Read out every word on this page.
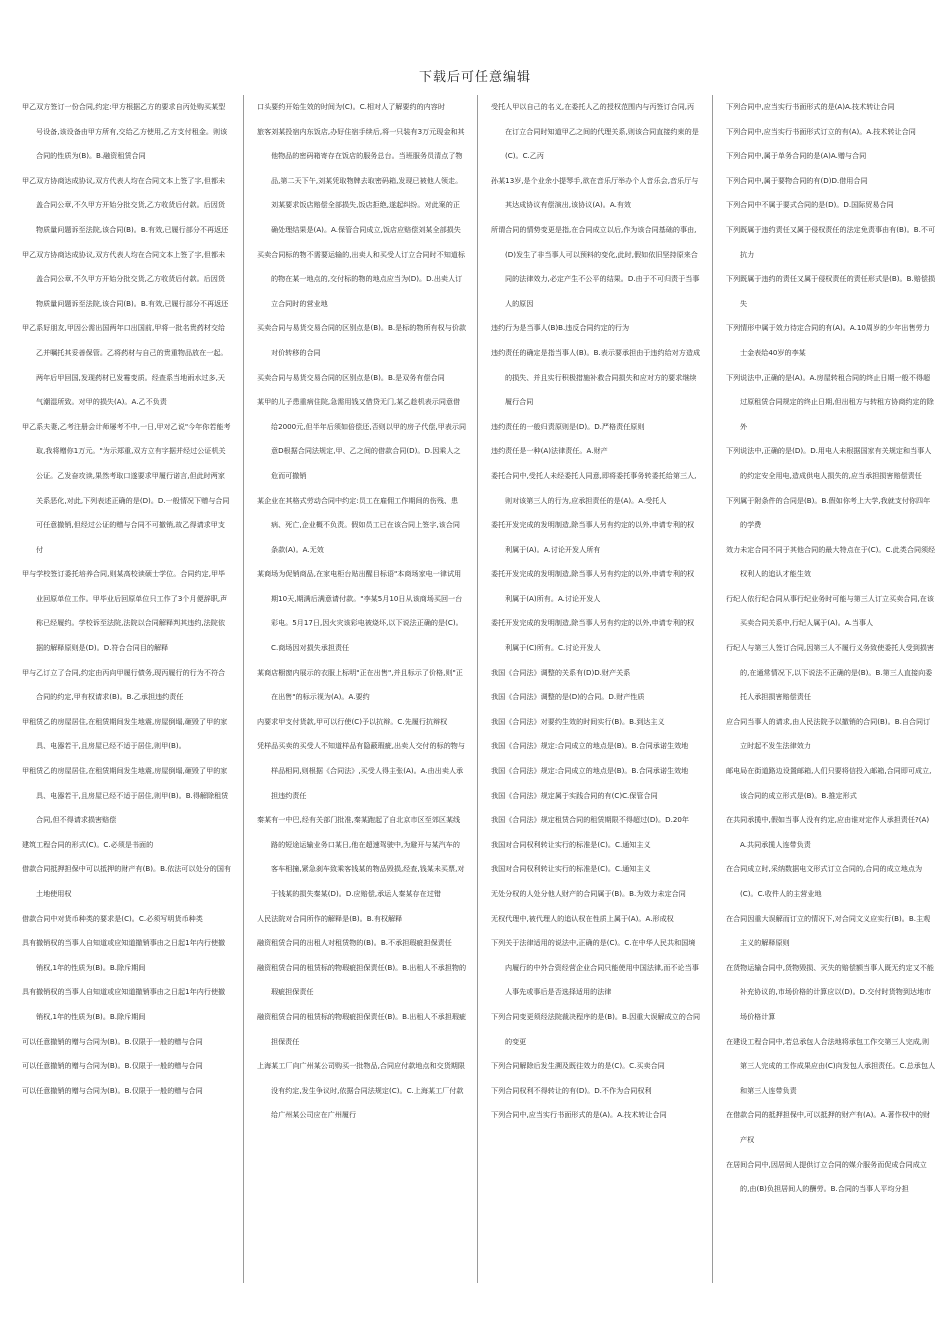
下载后可任意编辑

甲乙双方签订一份合同,约定:甲方根据乙方的要求自丙处购买某型号设备,该设备由甲方所有,交给乙方使用,乙方支付租金。则该合同的性质为(B)。B.融资租赁合同

甲乙双方协商达成协议,双方代表人均在合同文本上签了字,但都未盖合同公章,不久甲方开始分批交货,乙方收货后付款。后因货物质量问题诉至法院,该合同(B)。B.有效,已履行部分不再返还

甲乙双方协商达成协议,双方代表人均在合同文本上签了字,但都未盖合同公章,不久甲方开始分批交货,乙方收货后付款。后因货物质量问题诉至法院,该合同(B)。B.有效,已履行部分不再返还

甲乙系好朋友,甲因公需出国两年口出国前,甲将一批名贵药材交给乙并嘱托其妥善保管。乙将药材与自己的贵重物品放在一起。两年后甲回国,发现药材已发霉变质。经查系当地雨水过多,天气潮湿所致。对甲的损失(A)。A.乙不负责

甲乙系夫妻,乙考注册会计师屡考不中,一日,甲对乙说"今年你若能考取,我将赠你1万元。"为示郑重,双方立有字据并经过公证机关公证。乙发奋攻读,果然考取口遂要求甲履行诺言,但此时两家关系恶化,对此,下列表述正确的是(D)。D.一般情况下赠与合同可任意撤销,但经过公证的赠与合同不可撤销,故乙得请求甲支付

甲与学校签订委托培养合同,则某高校读硕士学位。合同约定,甲毕业回原单位工作。甲毕业后回原单位只工作了3个月便辞职,声称已经履约。学校诉至法院,法院以合同解释判其违约,法院依据的解释原则是(D)。D.符合合同目的解释

甲与乙订立了合同,约定由丙向甲履行债务,现丙履行的行为不符合合同的约定,甲有权请求(B)。B.乙承担违约责任

甲租赁乙的房屋居住,在租赁期间发生地震,房屋倒塌,砸毁了甲的家具、电器若干,且房屋已经不适于居住,则甲(B)。

甲租赁乙的房屋居住,在租赁期间发生地震,房屋倒塌,砸毁了甲的家具、电器若干,且房屋已经不适于居住,则甲(B)。B.得解除租赁合同,但不得请求损害赔偿

建筑工程合同的形式(C)。C.必须是书面的

借款合同抵押担保中可以抵押的财产有(B)。B.依法可以处分的国有土地使用权

借款合同中对货币种类的要求是(C)。C.必须写明货币种类

具有撤销权的当事人自知道或应知道撤销事由之日起1年内行使撤销权,1年的性质为(B)。B.除斥期间

具有撤销权的当事人自知道或应知道撤销事由之日起1年内行使撤销权,1年的性质为(B)。B.除斥期间

可以任意撤销的赠与合同为(B)。B.仅限于一般的赠与合同

可以任意撤销的赠与合同为(B)。B.仅限于一般的赠与合同

可以任意撤销的赠与合同为(B)。B.仅限于一般的赠与合同

口头要约开始生效的时间为(C)。C.相对人了解要约的内容时

旅客刘某投宿内东饭店,办好住宿手续后,将一只装有3万元现金和其他物品的密码箱寄存在饭店的服务总台。当班服务员清点了物品,第二天下午,刘某凭取物牌去取密码箱,发现已被他人领走。刘某要求饭店赔偿全部损失,饭店拒绝,遂起纠纷。对此案的正确处理结果是(A)。A.保管合同成立,饭店应赔偿刘某全部损失

买卖合同标的物不需要运输的,出卖人和买受人订立合同时不知道标的物在某一地点的,交付标的物的地点应当为(D)。D.出卖人订立合同时的营业地

买卖合同与易货交易合同的区别点是(B)。B.是标的物所有权与价款对价转移的合同

买卖合同与易货交易合同的区别点是(B)。B.是双务有偿合同

某甲的儿子患重病住院,急需用钱又借贷无门,某乙趁机表示同意借给2000元,但半年后须如倍偿还,否则以甲的房子代偿,甲表示同意D根据合同法规定,甲、乙之间的借款合同(D)。D.因乘人之危而可撤销

某企业在其格式劳动合同中约定:员工在雇佣工作期间的伤残、患病、死亡,企业概不负责。假如员工已在该合同上签字,该合同条款(A)。A.无效

某商场为促销商品,在家电柜台贴出醒目标语"本商场家电一律试用期10天,期满后满意请付款。"李某5月10日从该商场买回一台彩电。5月17日,因火灾该彩电被烧坏,以下说法正确的是(C)。C.商场因对损失承担责任

某商店橱窗内展示的衣服上标明"正在出售",并且标示了价格,则"正在出售"的标示视为(A)。A.要约

内要求甲支付货款,甲可以行使(C)予以抗辩。C.先履行抗辩权

凭样品买卖的买受人不知道样品有隐蔽瑕疵,出卖人交付的标的物与样品相同,则根据《合同法》,买受人得主张(A)。A.由出卖人承担违约责任

秦某有一中巴,经有关部门批准,秦某跑起了自北京市区至郊区某线路的短途运输业务口某日,他在超速驾驶中,为避开与某汽车的客车相撞,紧急刹车致乘客钱某的物品毁损,经查,钱某未买票,对于钱某的损失秦某(D)。D.应赔偿,承运人秦某存在过错

人民法院对合同所作的解释是(B)。B.有权解释

融资租赁合同的出租人对租赁物的(B)。B.不承担瑕疵担保责任

融资租赁合同的租赁标的物瑕疵担保责任(B)。B.出租人不承担物的瑕疵担保责任

融资租赁合同的租赁标的物瑕疵担保责任(B)。B.出租人不承担瑕疵担保责任

上海某工厂向广州某公司购买一批物品,合同应付款地点和交货期限没有约定,发生争议时,依据合同法规定(C)。C.上海某工厂付款给广州某公司应在广州履行

受托人甲以自己的名义,在委托人乙的授权范围内与丙签订合同,丙在订立合同时知道甲乙之间的代理关系,则该合同直接约束的是(C)。C.乙丙

孙某13岁,是个业余小提琴手,欲在音乐厅举办个人音乐会,音乐厅与其达成协议有偿演出,该协议(A)。A.有效

所谓合同的情势变更是指,在合同成立以后,作为该合同基础的事由,(D)发生了非当事人可以预料的变化,此时,假如依旧坚持原来合同的法律效力,必定产生不公平的结果。D.由于不可归责于当事人的原因

违约行为是当事人(B)B.违反合同约定的行为

违约责任的确定是指当事人(B)。B.表示要承担由于违约给对方造成的损失、并且实行积极措施补救合同损失和应对方的要求继续履行合同

违约责任的一般归责原则是(D)。D.严格责任原则

违约责任是一种(A)法律责任。A.财产

委托合同中,受托人未经委托人同意,即将委托事务转委托给第三人,则对该第三人的行为,应承担责任的是(A)。A.受托人

委托开发完成的发明制造,除当事人另有约定的以外,申请专利的权利属于(A)。A.讨论开发人所有

委托开发完成的发明制造,除当事人另有约定的以外,申请专利的权利属于(A)所有。A.讨论开发人

委托开发完成的发明制造,除当事人另有约定的以外,申请专利的权利属于(C)所有。C.讨论开发人

我国《合同法》调整的关系有(D)D.财产关系

我国《合同法》调整的是(D)的合同。D.财产性质

我国《合同法》对要约生效的时间实行(B)。B.到达主义

我国《合同法》规定:合同成立的地点是(B)。B.合同承诺生效地

我国《合同法》规定:合同成立的地点是(B)。B.合同承诺生效地

我国《合同法》规定属于实践合同的有(C)C.保管合同

我国《合同法》规定租赁合同的租赁期限不得超过(D)。D.20年

我国对合同权利转让实行的标准是(C)。C.通知主义

我国对合同权利转让实行的标准是(C)。C.通知主义

无处分权的人处分他人财产的合同属于(B)。B.为效力未定合同

无权代理中,被代理人的追认权在性质上属于(A)。A.形成权

下列关于法律适用的说法中,正确的是(C)。C.在中华人民共和国境内履行的中外合资经营企业合同只能使用中国法律,而不论当事人事先或事后是否选择适用的法律

下列合同变更须经法院裁决程序的是(B)。B.因重大误解成立的合同的变更

下列合同解除后发生溯及既往效力的是(C)。C.买卖合同

下列合同权利不得转让的有(D)。D.不作为合同权利

下列合同中,应当实行书面形式的是(A)。A.技术转让合同

下列合同中,应当实行书面形式的是(A)A.技术转让合同

下列合同中,应当实行书面形式订立的有(A)。A.技术转让合同

下列合同中,属于单务合同的是(A)A.赠与合同

下列合同中,属于要物合同的有(D)D.借用合同

下列合同中不属于要式合同的是(D)。D.国际贸易合同

下列既属于违约责任又属于侵权责任的法定免责事由有(B)。B.不可抗力

下列既属于违约的责任又属于侵权责任的责任形式是(B)。B.赔偿损失

下列情形中属于效力待定合同的有(A)。A.10周岁的少年出售劳力士金表给40岁的李某

下列说法中,正确的是(A)。A.房屋转租合同的终止日期一般不得超过原租赁合同规定的终止日期,但出租方与转租方协商约定的除外

下列说法中,正确的是(D)。D.用电人未根据国家有关规定和当事人的约定安全用电,造成供电人损失的,应当承担损害赔偿责任

下列属于附条件的合同是(B)。B.假如你考上大学,我就支付你四年的学费

效力未定合同不同于其他合同的最大特点在于(C)。C.此类合同须经权利人的追认才能生效

行纪人依行纪合同从事行纪业务时可能与第三人订立买卖合同,在该买卖合同关系中,行纪人属于(A)。A.当事人

行纪人与第三人签订合同,因第三人不履行义务致使委托人受到损害的,在通常情况下,以下说法不正确的是(B)。B.第三人直接向委托人承担损害赔偿责任

应合同当事人的请求,由人民法院予以撤销的合同(B)。B.自合同订立时起不发生法律效力

邮电局在街道路边设置邮箱,人们只要将信投入邮箱,合同即可成立,该合同的成立形式是(B)。B.推定形式

在共同承揽中,假如当事人没有约定,应由谁对定作人承担责任?(A)A.共同承揽人连带负责

在合同成立时,采纳数据电文形式订立合同的,合同的成立地点为(C)。C.收件人的主营业地

在合同因重大误解而订立的情况下,对合同文义应实行(B)。B.主观主义的解释原则

在货物运输合同中,货物毁损、灭失的赔偿额当事人既无约定又不能补充协议的,市场价格的计算应以(D)。D.交付时货物到达地市场价格计算

在建设工程合同中,若总承包人合法地将承包工作交第三人完成,则第三人完成的工作成果应由(C)向发包人承担责任。C.总承包人和第三人连带负责

在借款合同的抵押担保中,可以抵押的财产有(A)。A.著作权中的财产权

在居间合同中,因居间人提供订立合同的媒介服务而促成合同成立的,由(B)负担居间人的酬劳。B.合同的当事人平均分担
